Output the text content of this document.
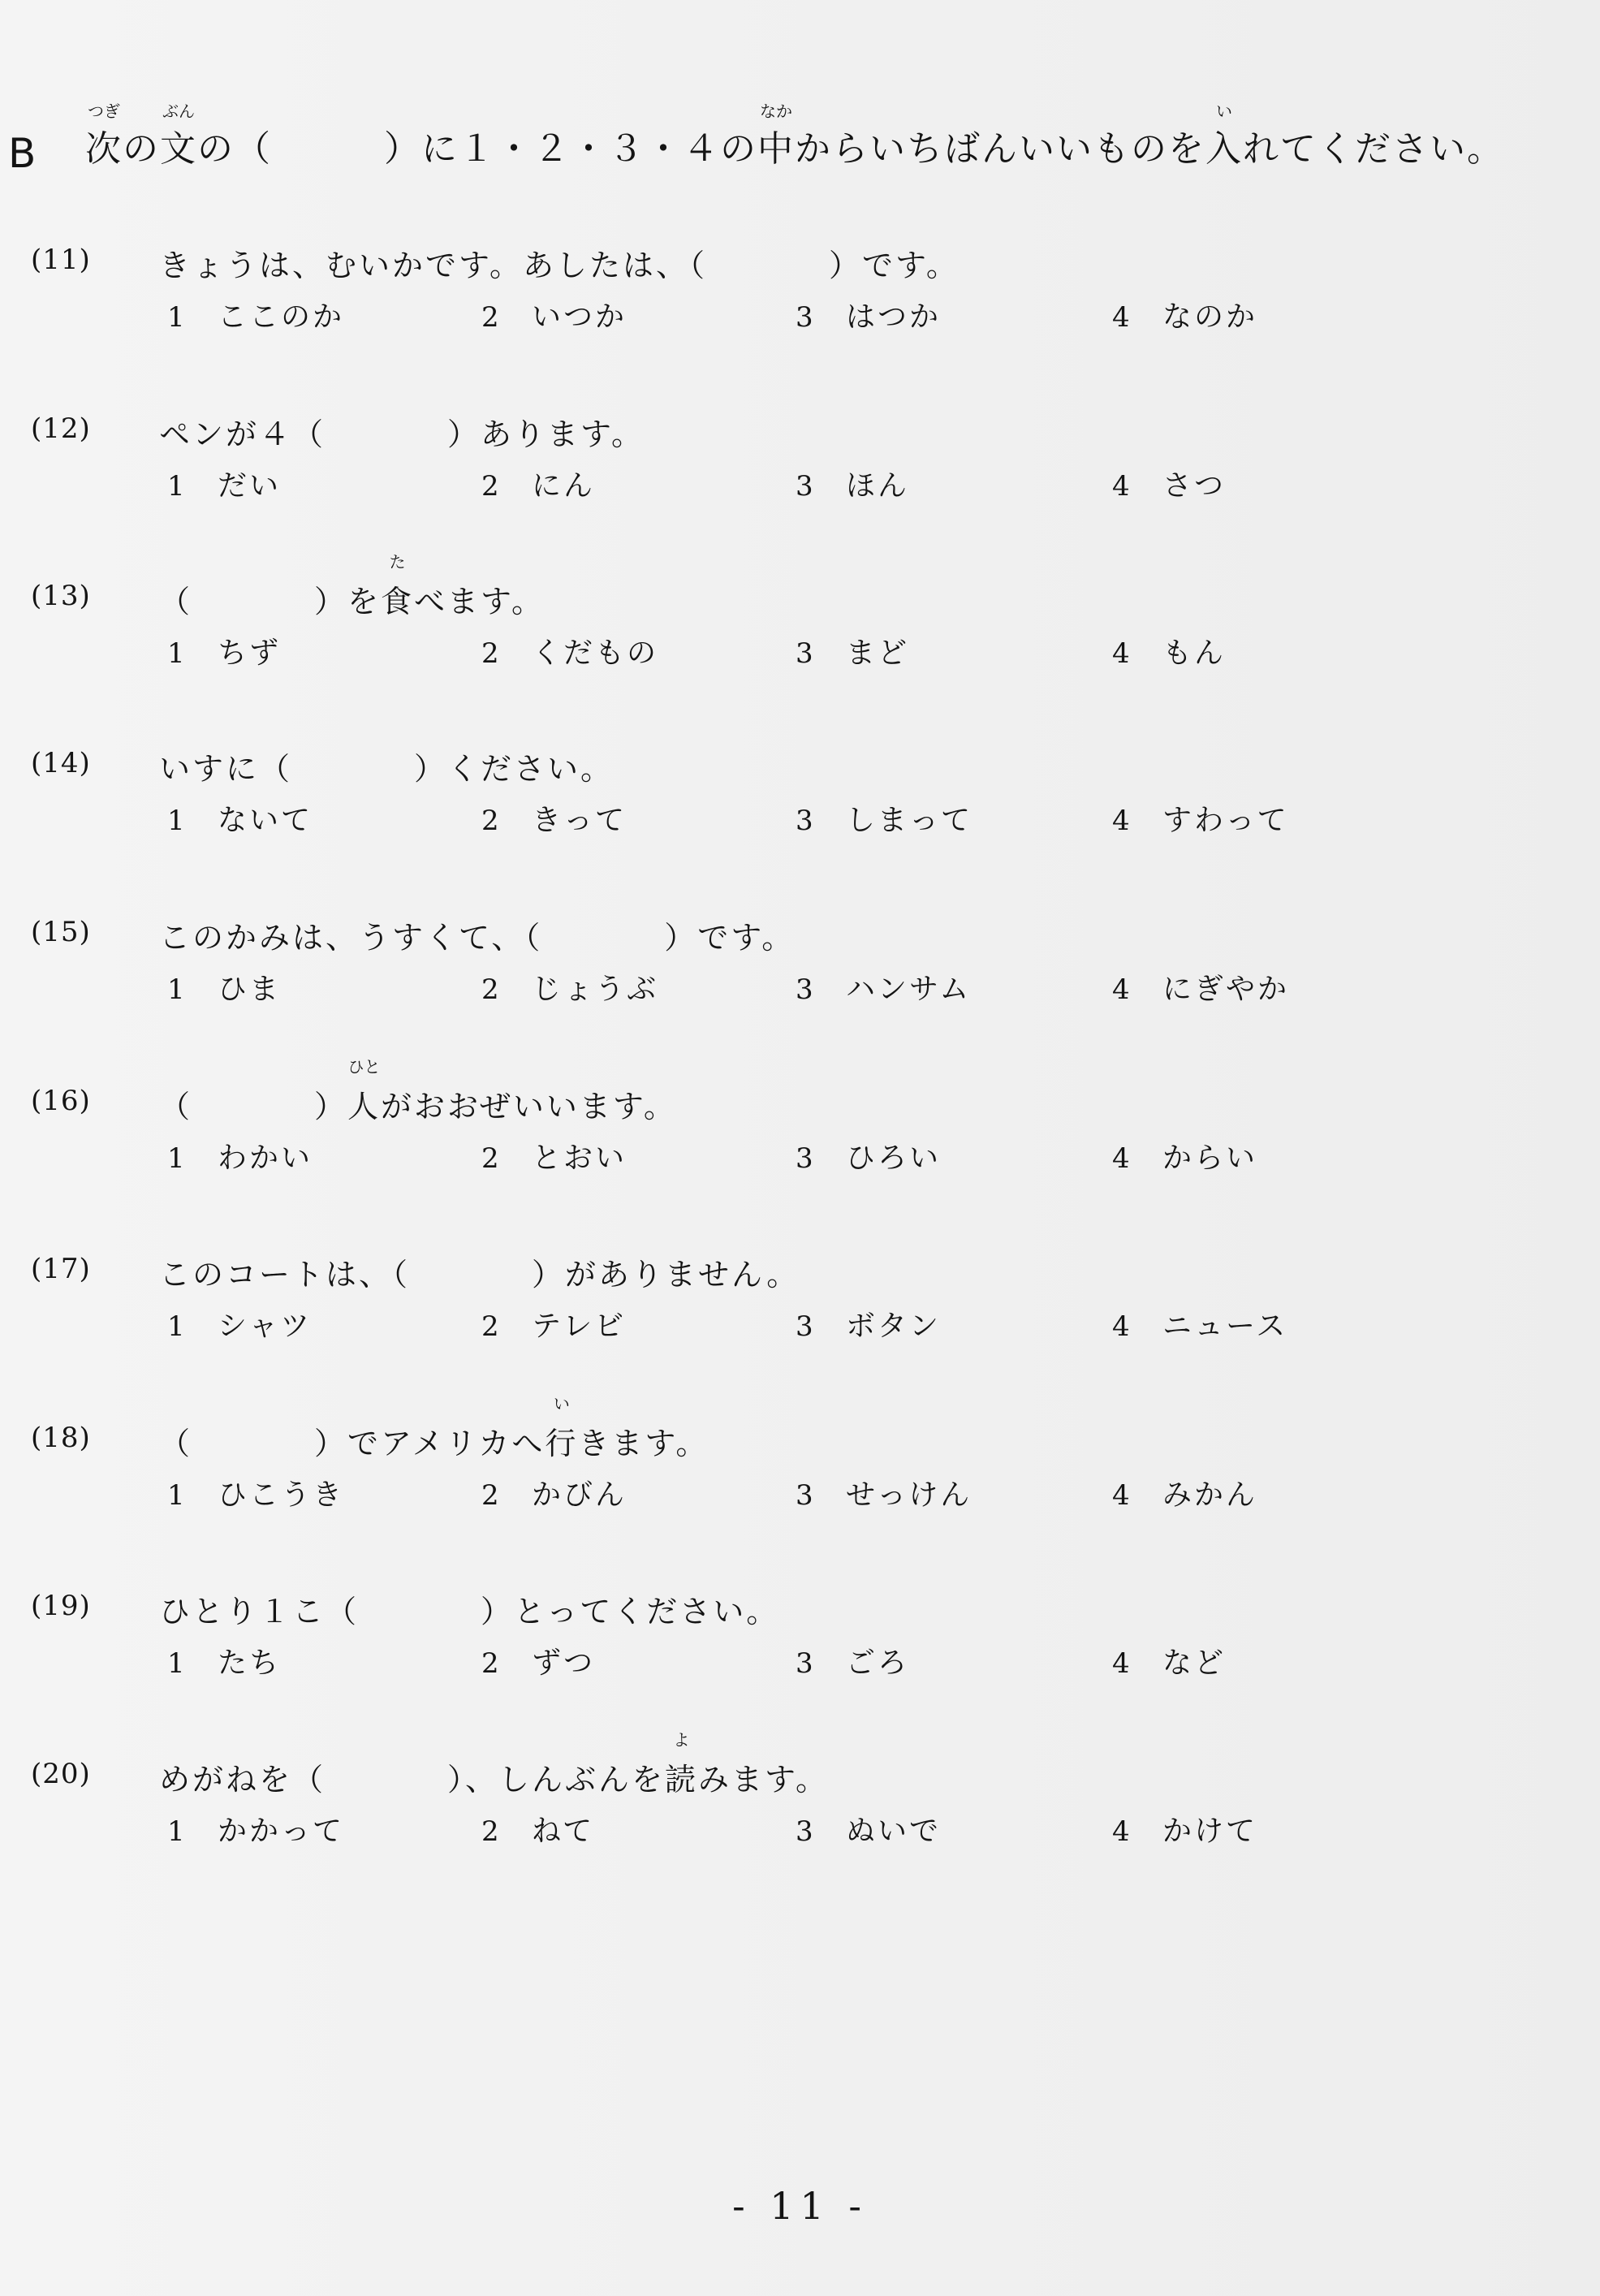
B
つぎ
次の
ぶん
文の（　　　）に１・２・３・４の
なか
中からいちばんいいものを
い
入れてください。
(11) きょうは、むいかです。あしたは、（	）です。
1 ここのか	2 いつか	3 はつか	4 なのか
(12) ペンが４（	）あります。
1 だい	2 にん	3 ほん	4 さつ
(13) （	）を
た
食べます。
1 ちず	2 くだもの	3 まど	4 もん
(14) いすに（	）ください。
1 ないて	2 きって	3 しまって	4 すわって
(15) このかみは、うすくて、（	）です。
1 ひま	2 じょうぶ	3 ハンサム	4 にぎやか
(16) （	）
ひと
人がおおぜいいます。
1 わかい	2 とおい	3 ひろい	4 からい
(17) このコートは、（	）がありません。
1 シャツ	2 テレビ	3 ボタン	4 ニュース
(18) （	）でアメリカへ
い
行きます。
1 ひこうき	2 かびん	3 せっけん	4 みかん
(19) ひとり１こ（	）とってください。
1 たち	2 ずつ	3 ごろ	4 など
(20) めがねを（	）、しんぶんを
よ
読みます。
1 かかって	2 ねて	3 ぬいで	4 かけて
- 11 -
